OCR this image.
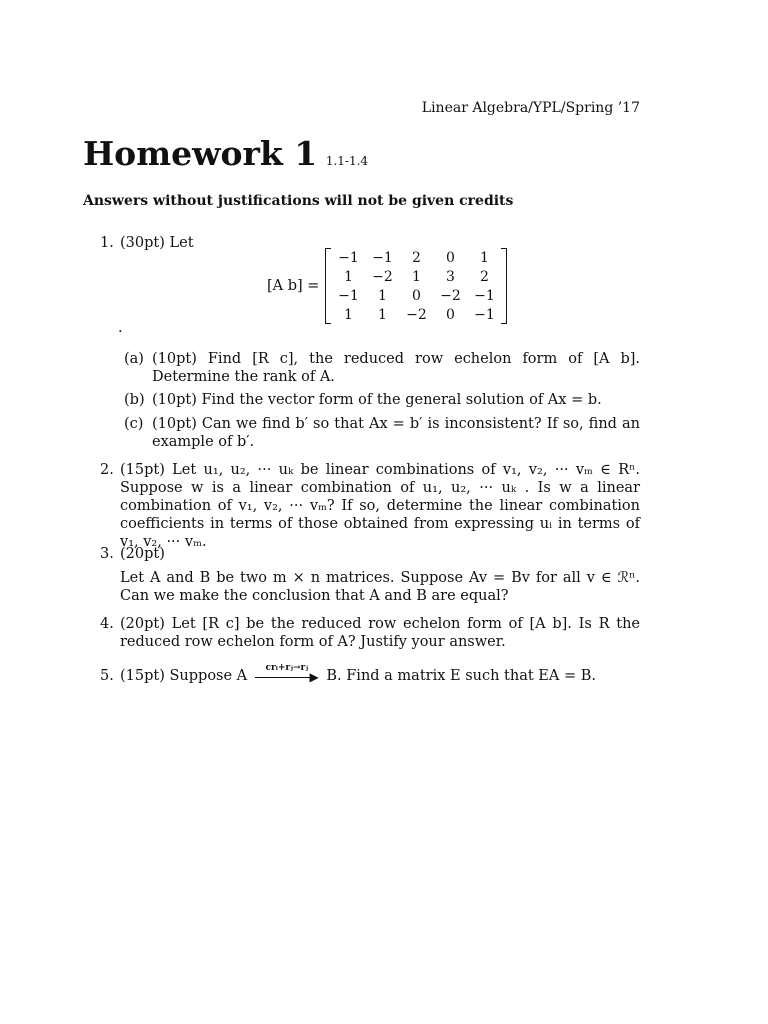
Linear Algebra/YPL/Spring ’17
Homework 1 1.1-1.4
Answers without justifications will not be given credits
1. (30pt) Let
[A b] =
−1	−1	2	0	1
1	−2	1	3	2
−1	1	0	−2	−1
1	1	−2	0	−1
.
(a) (10pt) Find [R c], the reduced row echelon form of [A b]. Determine the rank of A.
(b) (10pt) Find the vector form of the general solution of Ax = b.
(c) (10pt) Can we find b′ so that Ax = b′ is inconsistent? If so, find an example of b′.
2. (15pt) Let u₁, u₂, ··· uₖ be linear combinations of v₁, v₂, ··· vₘ ∈ Rⁿ. Suppose w is a linear combination of u₁, u₂, ··· uₖ . Is w a linear combination of v₁, v₂, ··· vₘ? If so, determine the linear combination coefficients in terms of those obtained from expressing uᵢ in terms of v₁, v₂, ··· vₘ.
3. (20pt)
Let A and B be two m × n matrices. Suppose Av = Bv for all v ∈ ℛⁿ. Can we make the conclusion that A and B are equal?
4. (20pt) Let [R c] be the reduced row echelon form of [A b]. Is R the reduced row echelon form of A? Justify your answer.
5. (15pt) Suppose A	crᵢ+rⱼ→rⱼ
▶ B. Find a matrix E such that EA = B.
